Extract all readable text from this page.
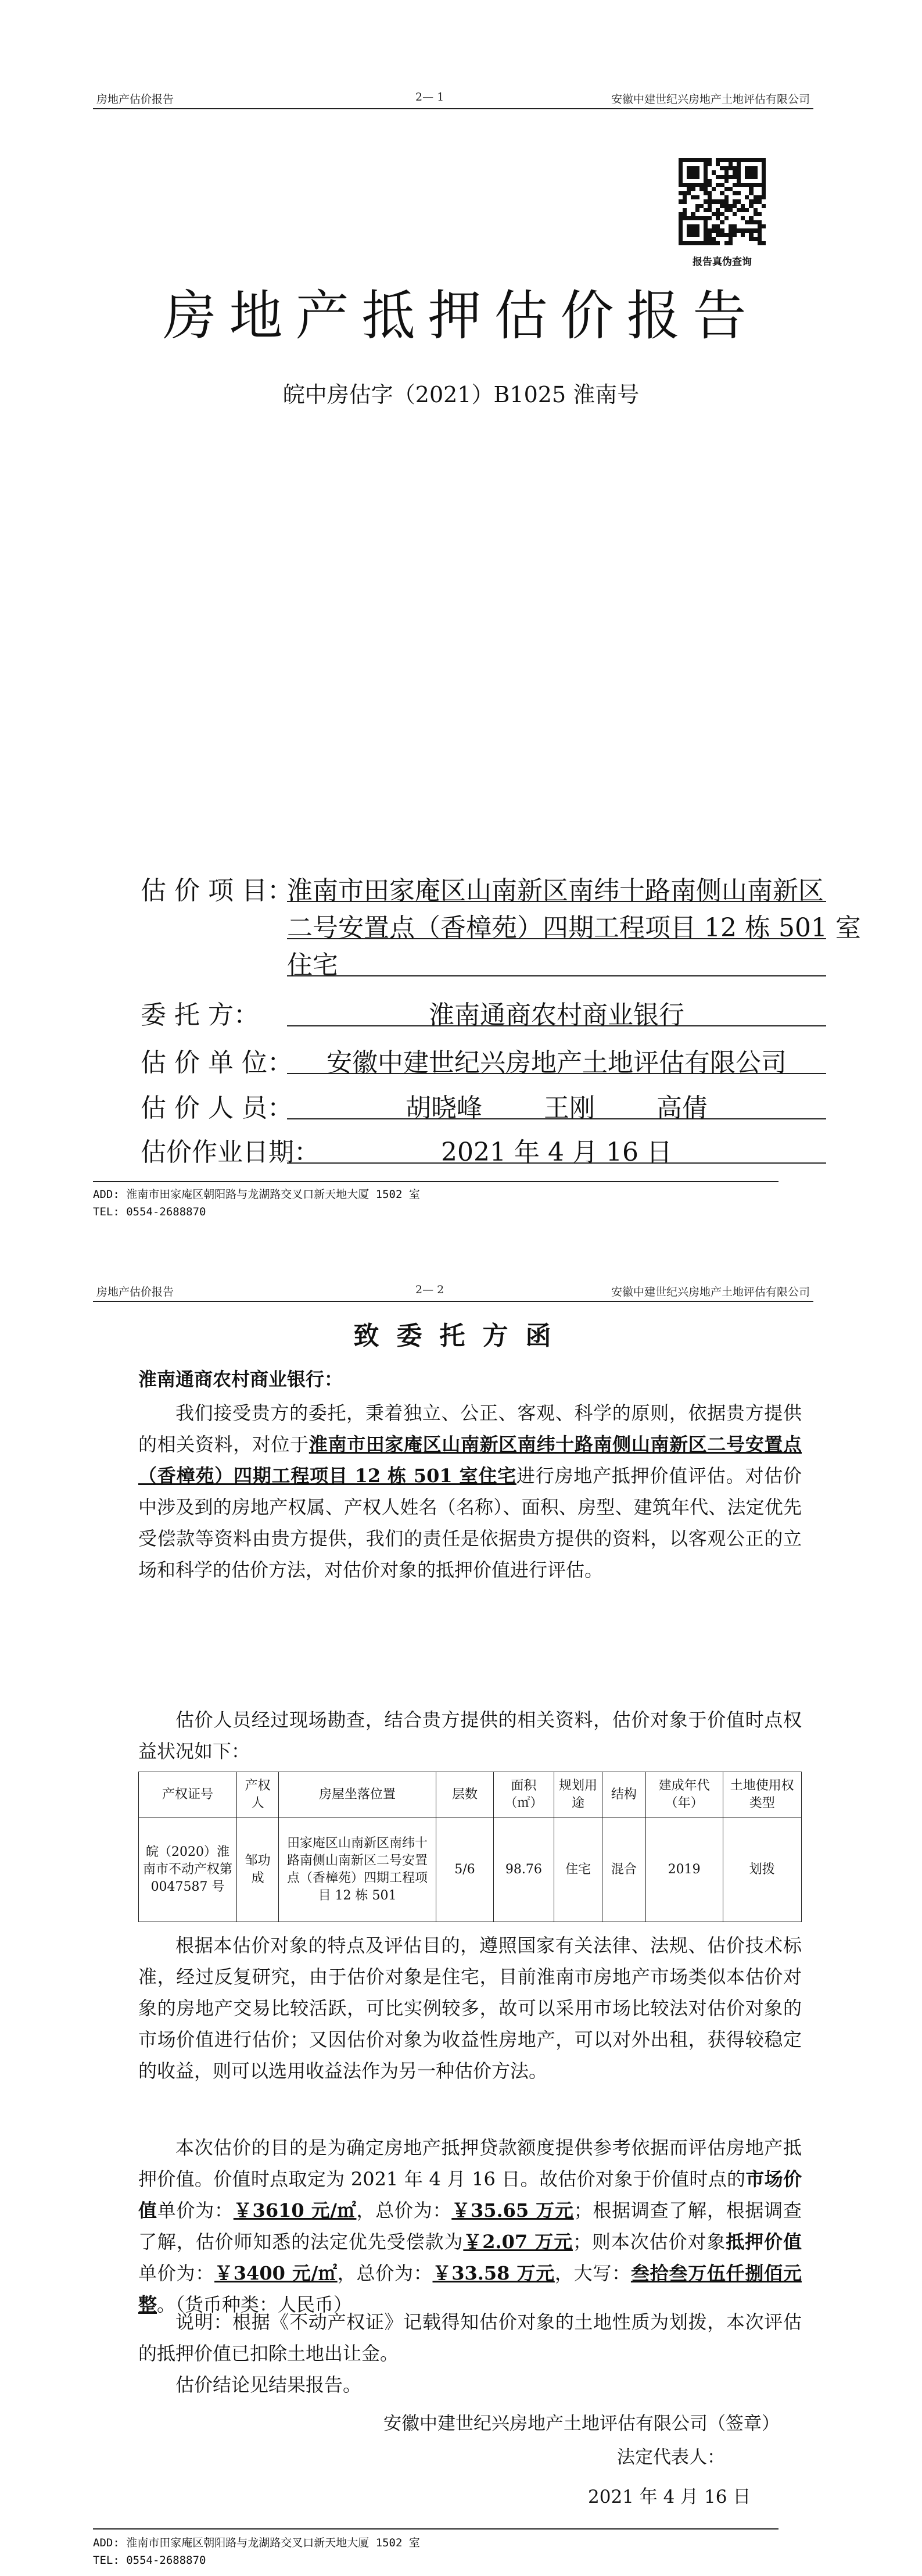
房地产估价报告	2— 1	安徽中建世纪兴房地产土地评估有限公司
报告真伪查询
房地产抵押估价报告
皖中房估字（2021）B1025 淮南号
估 价 项 目：
淮南市田家庵区山南新区南纬十路南侧山南新区
二号安置点（香樟苑）四期工程项目 12 栋 501 室
住宅
委 托 方：	淮南通商农村商业银行
估 价 单 位：	安徽中建世纪兴房地产土地评估有限公司
估 价 人 员：	胡晓峰 王刚 高倩
估价作业日期：	2021 年 4 月 16 日
ADD: 淮南市田家庵区朝阳路与龙湖路交叉口新天地大厦 1502 室
TEL: 0554-2688870
房地产估价报告	2— 2	安徽中建世纪兴房地产土地评估有限公司
致委托方函
淮南通商农村商业银行：
我们接受贵方的委托，秉着独立、公正、客观、科学的原则，依据贵方提供的相关资料，对位于淮南市田家庵区山南新区南纬十路南侧山南新区二号安置点（香樟苑）四期工程项目 12 栋 501 室住宅进行房地产抵押价值评估。对估价中涉及到的房地产权属、产权人姓名（名称）、面积、房型、建筑年代、法定优先受偿款等资料由贵方提供，我们的责任是依据贵方提供的资料，以客观公正的立场和科学的估价方法，对估价对象的抵押价值进行评估。
估价人员经过现场勘查，结合贵方提供的相关资料，估价对象于价值时点权益状况如下：
产权证号	产权人	房屋坐落位置	层数	面积（㎡）	规划用途	结构	建成年代（年）	土地使用权类型
皖（2020）淮南市不动产权第 0047587 号	邹功成	田家庵区山南新区南纬十路南侧山南新区二号安置点（香樟苑）四期工程项目 12 栋 501	5/6	98.76	住宅	混合	2019	划拨
根据本估价对象的特点及评估目的，遵照国家有关法律、法规、估价技术标准，经过反复研究，由于估价对象是住宅，目前淮南市房地产市场类似本估价对象的房地产交易比较活跃，可比实例较多，故可以采用市场比较法对估价对象的市场价值进行估价；又因估价对象为收益性房地产，可以对外出租，获得较稳定的收益，则可以选用收益法作为另一种估价方法。
本次估价的目的是为确定房地产抵押贷款额度提供参考依据而评估房地产抵押价值。价值时点取定为 2021 年 4 月 16 日。故估价对象于价值时点的市场价值单价为：￥3610 元/㎡，总价为：￥35.65 万元；根据调查了解，根据调查了解，估价师知悉的法定优先受偿款为￥2.07 万元；则本次估价对象抵押价值单价为：￥3400 元/㎡，总价为：￥33.58 万元，大写：叁拾叁万伍仟捌佰元整。（货币种类：人民币）
说明：根据《不动产权证》记载得知估价对象的土地性质为划拨，本次评估的抵押价值已扣除土地出让金。
估价结论见结果报告。
安徽中建世纪兴房地产土地评估有限公司（签章）
法定代表人：
2021 年 4 月 16 日
ADD: 淮南市田家庵区朝阳路与龙湖路交叉口新天地大厦 1502 室
TEL: 0554-2688870
